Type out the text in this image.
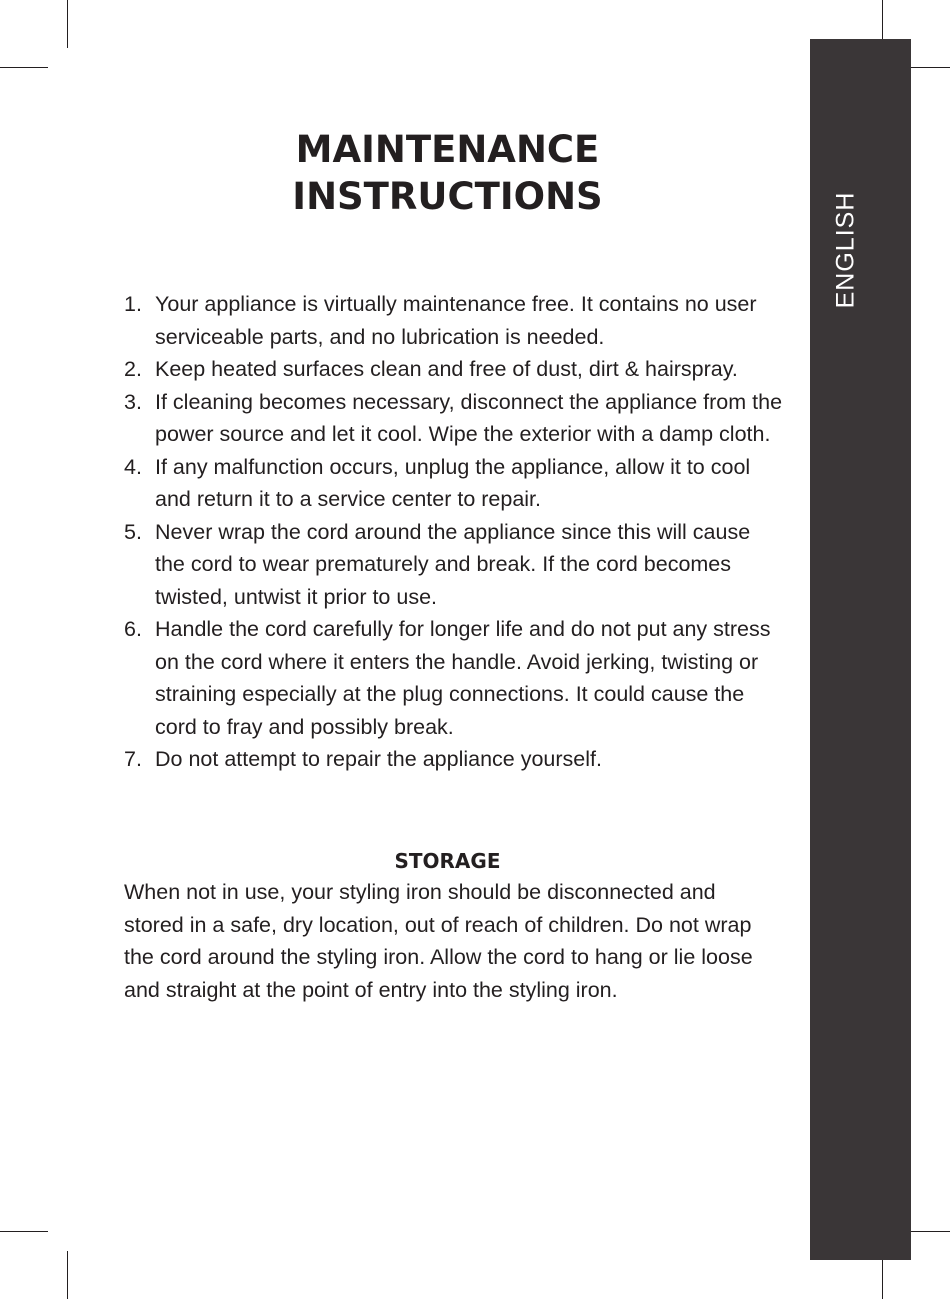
ENGLISH
MAINTENANCE
INSTRUCTIONS
1. Your appliance is virtually maintenance free. It contains no user serviceable parts, and no lubrication is needed.
2. Keep heated surfaces clean and free of dust, dirt & hairspray.
3. If cleaning becomes necessary, disconnect the appliance from the power source and let it cool. Wipe the exterior with a damp cloth.
4. If any malfunction occurs, unplug the appliance, allow it to cool and return it to a service center to repair.
5. Never wrap the cord around the appliance since this will cause the cord to wear prematurely and break. If the cord becomes twisted, untwist it prior to use.
6. Handle the cord carefully for longer life and do not put any stress on the cord where it enters the handle. Avoid jerking, twisting or straining especially at the plug connections. It could cause the cord to fray and possibly break.
7. Do not attempt to repair the appliance yourself.
STORAGE

When not in use, your styling iron should be disconnected and stored in a safe, dry location, out of reach of children. Do not wrap the cord around the styling iron. Allow the cord to hang or lie loose and straight at the point of entry into the styling iron.
